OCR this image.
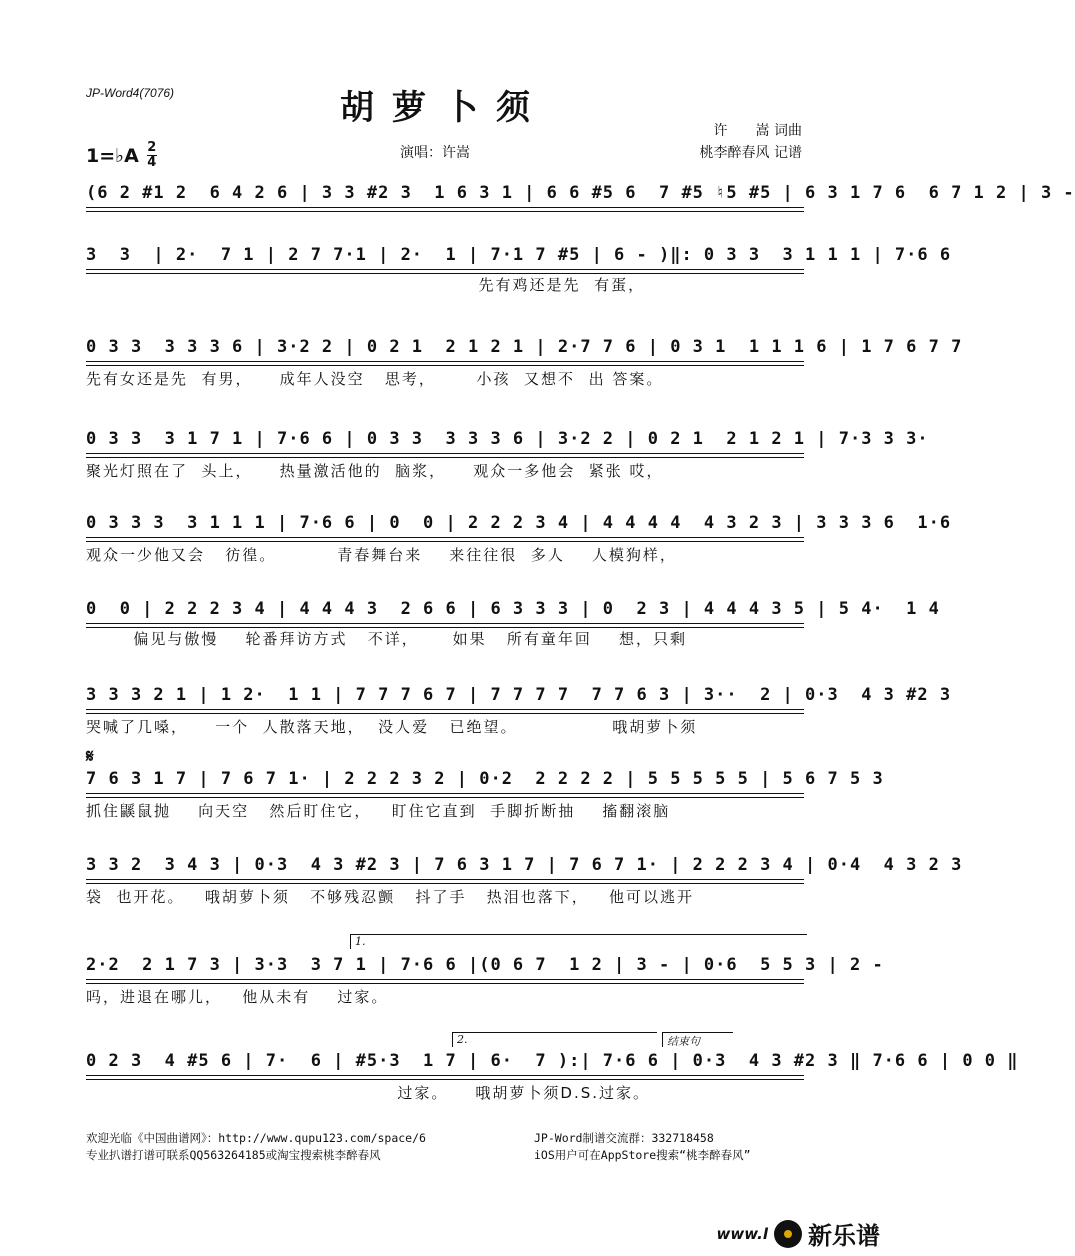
JP-Word4(7076)	胡萝卜须
1=♭A 2
4
演唱：许嵩
许　　嵩 词曲
桃李醉春风 记谱
(6 2 #1 2  6 4 2 6 | 3 3 #2 3  1 6 3 1 | 6 6 #5 6  7 #5 ♮5 #5 | 6 3 1 7 6  6 7 1 2 | 3 -
3  3  | 2·  7 1 | 2 7 7·1 | 2·  1 | 7·1 7 #5 | 6 - )‖: 0 3 3  3 1 1 1 | 7·6 6
先有鸡还是先  有蛋，
0 3 3  3 3 3 6 | 3·2 2 | 0 2 1  2 1 2 1 | 2·7 7 6 | 0 3 1  1 1 1 6 | 1 7 6 7 7
先有女还是先  有男，    成年人没空   思考，      小孩  又想不  出 答案。
0 3 3  3 1 7 1 | 7·6 6 | 0 3 3  3 3 3 6 | 3·2 2 | 0 2 1  2 1 2 1 | 7·3 3 3·
聚光灯照在了  头上，    热量激活他的  脑浆，    观众一多他会  紧张 哎，
0 3 3 3  3 1 1 1 | 7·6 6 | 0  0 | 2 2 2 3 4 | 4 4 4 4  4 3 2 3 | 3 3 3 6  1·6
观众一少他又会   彷徨。         青春舞台来    来往往很  多人    人模狗样，
0  0 | 2 2 2 3 4 | 4 4 4 3  2 6 6 | 6 3 3 3 | 0  2 3 | 4 4 4 3 5 | 5 4·  1 4
偏见与傲慢    轮番拜访方式   不详，     如果   所有童年回    想，只剩
3 3 3 2 1 | 1 2·  1 1 | 7 7 7 6 7 | 7 7 7 7  7 7 6 3 | 3··  2 | 0·3  4 3 #2 3
哭喊了几嗓，    一个  人散落天地，  没人爱   已绝望。              哦胡萝卜须
𝄋
7 6 3 1 7 | 7 6 7 1· | 2 2 2 3 2 | 0·2  2 2 2 2 | 5 5 5 5 5 | 5 6 7 5 3
抓住鼷鼠抛    向天空   然后盯住它，   盯住它直到  手脚折断抽    搐翻滚脑
3 3 2  3 4 3 | 0·3  4 3 #2 3 | 7 6 3 1 7 | 7 6 7 1· | 2 2 2 3 4 | 0·4  4 3 2 3
袋  也开花。   哦胡萝卜须   不够残忍颤   抖了手   热泪也落下，   他可以逃开
1.
2·2  2 1 7 3 | 3·3  3 7 1 | 7·6 6 |(0 6 7  1 2 | 3 - | 0·6  5 5 3 | 2 -
吗，进退在哪儿，   他从未有    过家。
2.	结束句
0 2 3  4 #5 6 | 7·  6 | #5·3  1 7 | 6·  7 ):| 7·6 6 | 0·3  4 3 #2 3 ‖ 7·6 6 | 0 0 ‖
过家。    哦胡萝卜须D.S.过家。
欢迎光临《中国曲谱网》：http://www.qupu123.com/space/6
专业扒谱打谱可联系QQ563264185或淘宝搜索桃李醉春风
JP-Word制谱交流群：332718458
iOS用户可在AppStore搜索“桃李醉春风”
www.l 新乐谱
